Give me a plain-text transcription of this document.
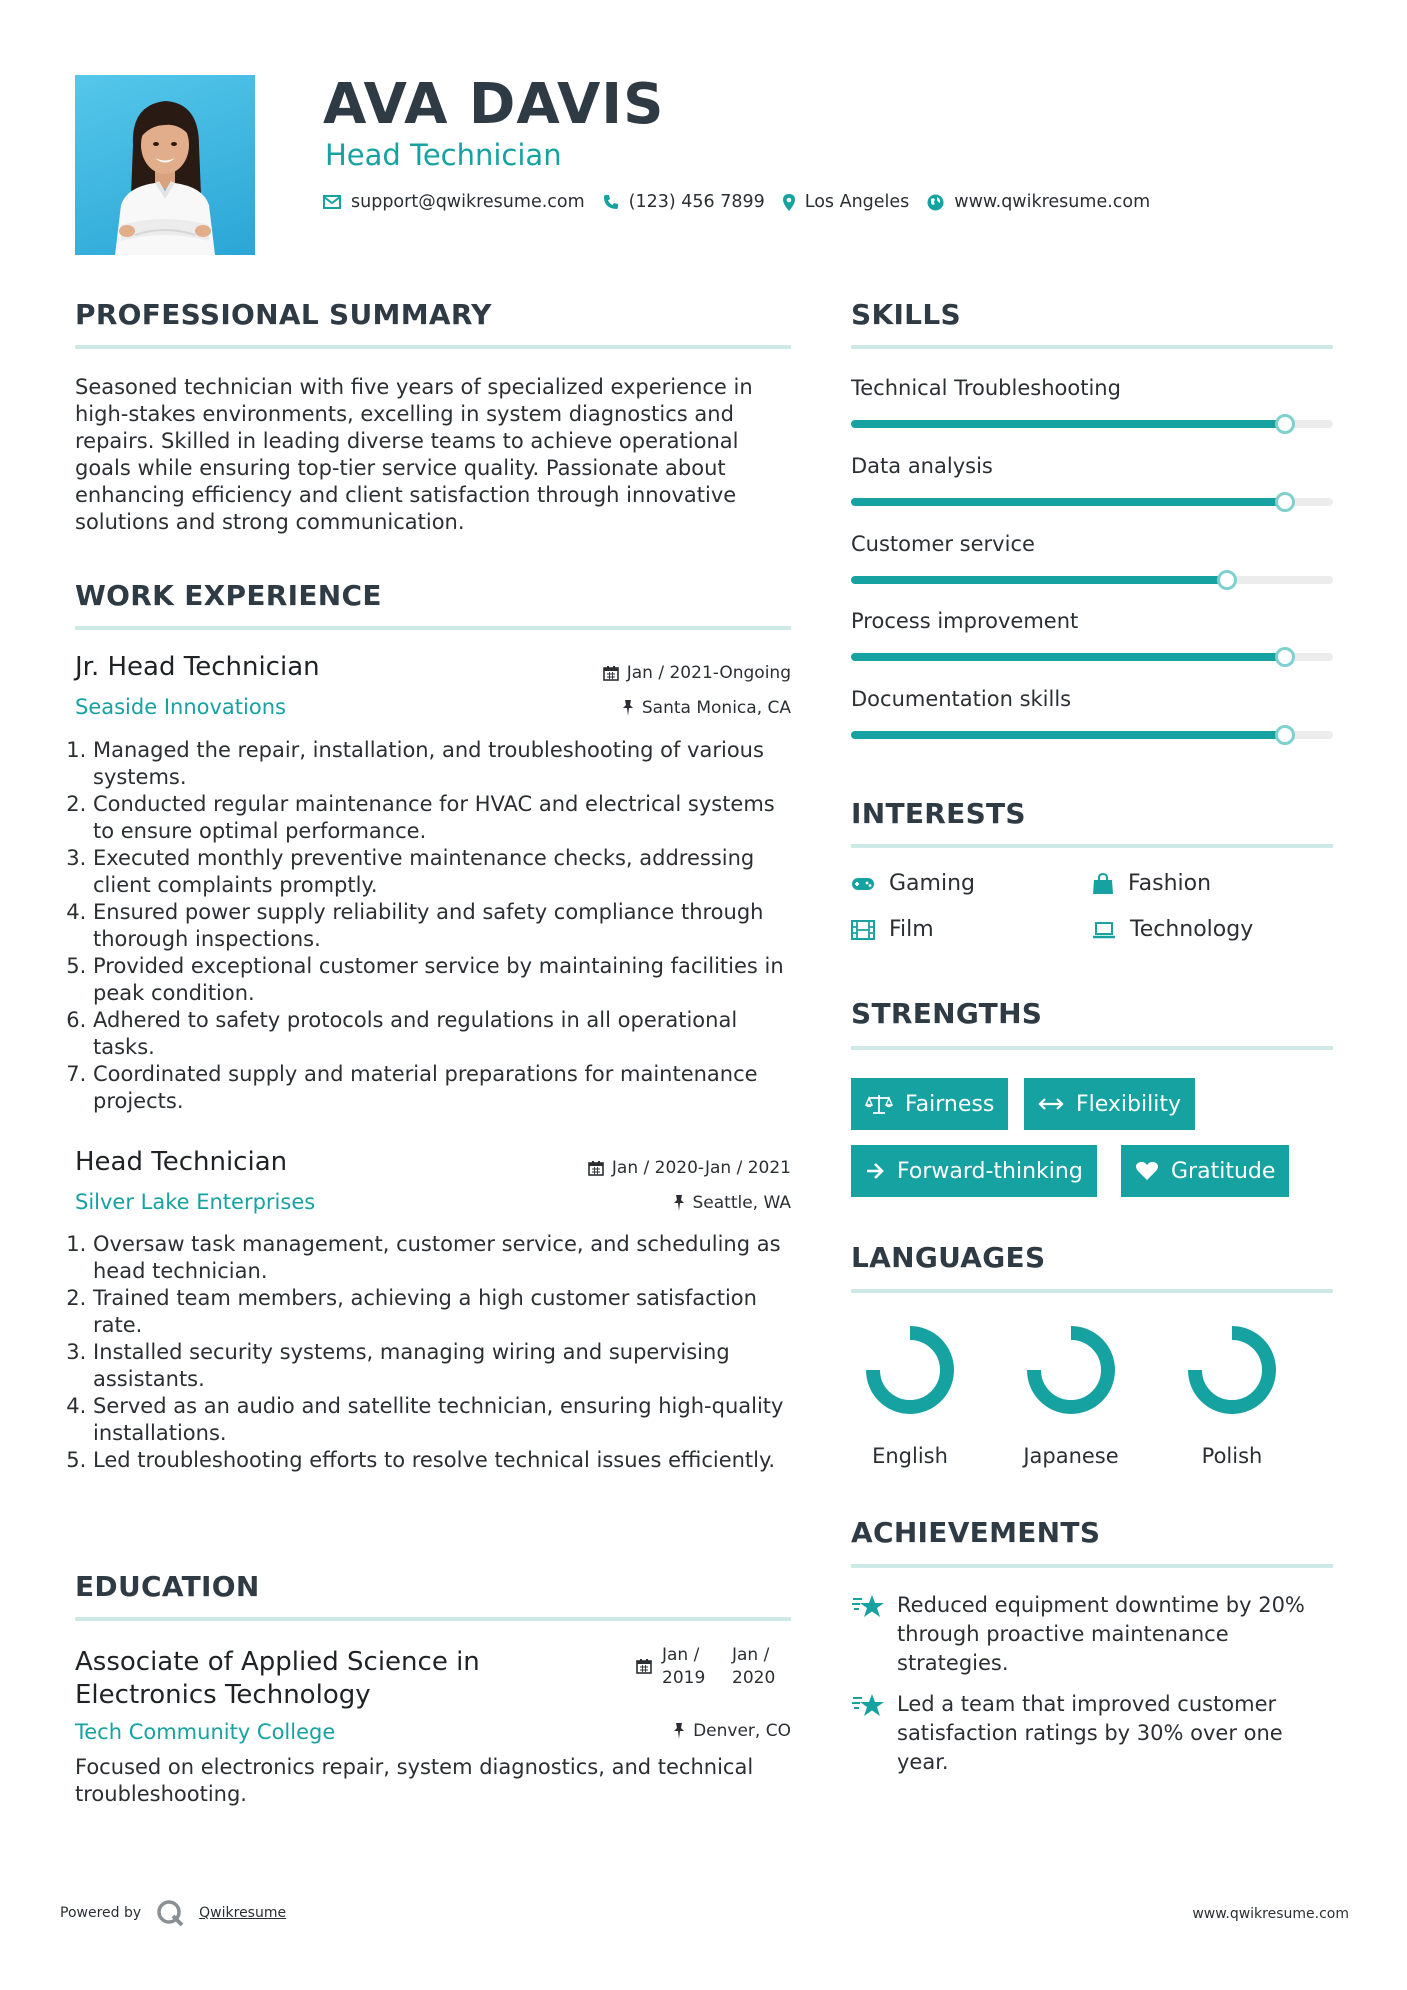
AVA DAVIS
Head Technician
support@qwikresume.com	(123) 456 7899 Los Angeles	www.qwikresume.com
PROFESSIONAL SUMMARY
Seasoned technician with five years of specialized experience in high-stakes environments, excelling in system diagnostics and repairs. Skilled in leading diverse teams to achieve operational goals while ensuring top-tier service quality. Passionate about enhancing efficiency and client satisfaction through innovative solutions and strong communication.
WORK EXPERIENCE
Jr. Head Technician
Seaside Innovations
Jan / 2021-Ongoing
Santa Monica, CA
1. Managed the repair, installation, and troubleshooting of various systems.
2. Conducted regular maintenance for HVAC and electrical systems to ensure optimal performance.
3. Executed monthly preventive maintenance checks, addressing client complaints promptly.
4. Ensured power supply reliability and safety compliance through thorough inspections.
5. Provided exceptional customer service by maintaining facilities in peak condition.
6. Adhered to safety protocols and regulations in all operational tasks.
7. Coordinated supply and material preparations for maintenance projects.
Head Technician
Silver Lake Enterprises
Jan / 2020-Jan / 2021
Seattle, WA
1. Oversaw task management, customer service, and scheduling as head technician.
2. Trained team members, achieving a high customer satisfaction rate.
3. Installed security systems, managing wiring and supervising assistants.
4. Served as an audio and satellite technician, ensuring high-quality installations.
5. Led troubleshooting efforts to resolve technical issues efficiently.
EDUCATION
Associate of Applied Science in Electronics Technology
Jan / 2019
Jan / 2020
Tech Community College	Denver, CO
Focused on electronics repair, system diagnostics, and technical troubleshooting.
SKILLS
Technical Troubleshooting
Data analysis
Customer service
Process improvement
Documentation skills
INTERESTS
Gaming	Fashion
Film	Technology
STRENGTHS
Fairness	Flexibility
Forward-thinking	Gratitude
LANGUAGES
English	Japanese	Polish
ACHIEVEMENTS
Reduced equipment downtime by 20% through proactive maintenance strategies.
Led a team that improved customer satisfaction ratings by 30% over one year.
Powered by	Qwikresume	www.qwikresume.com
